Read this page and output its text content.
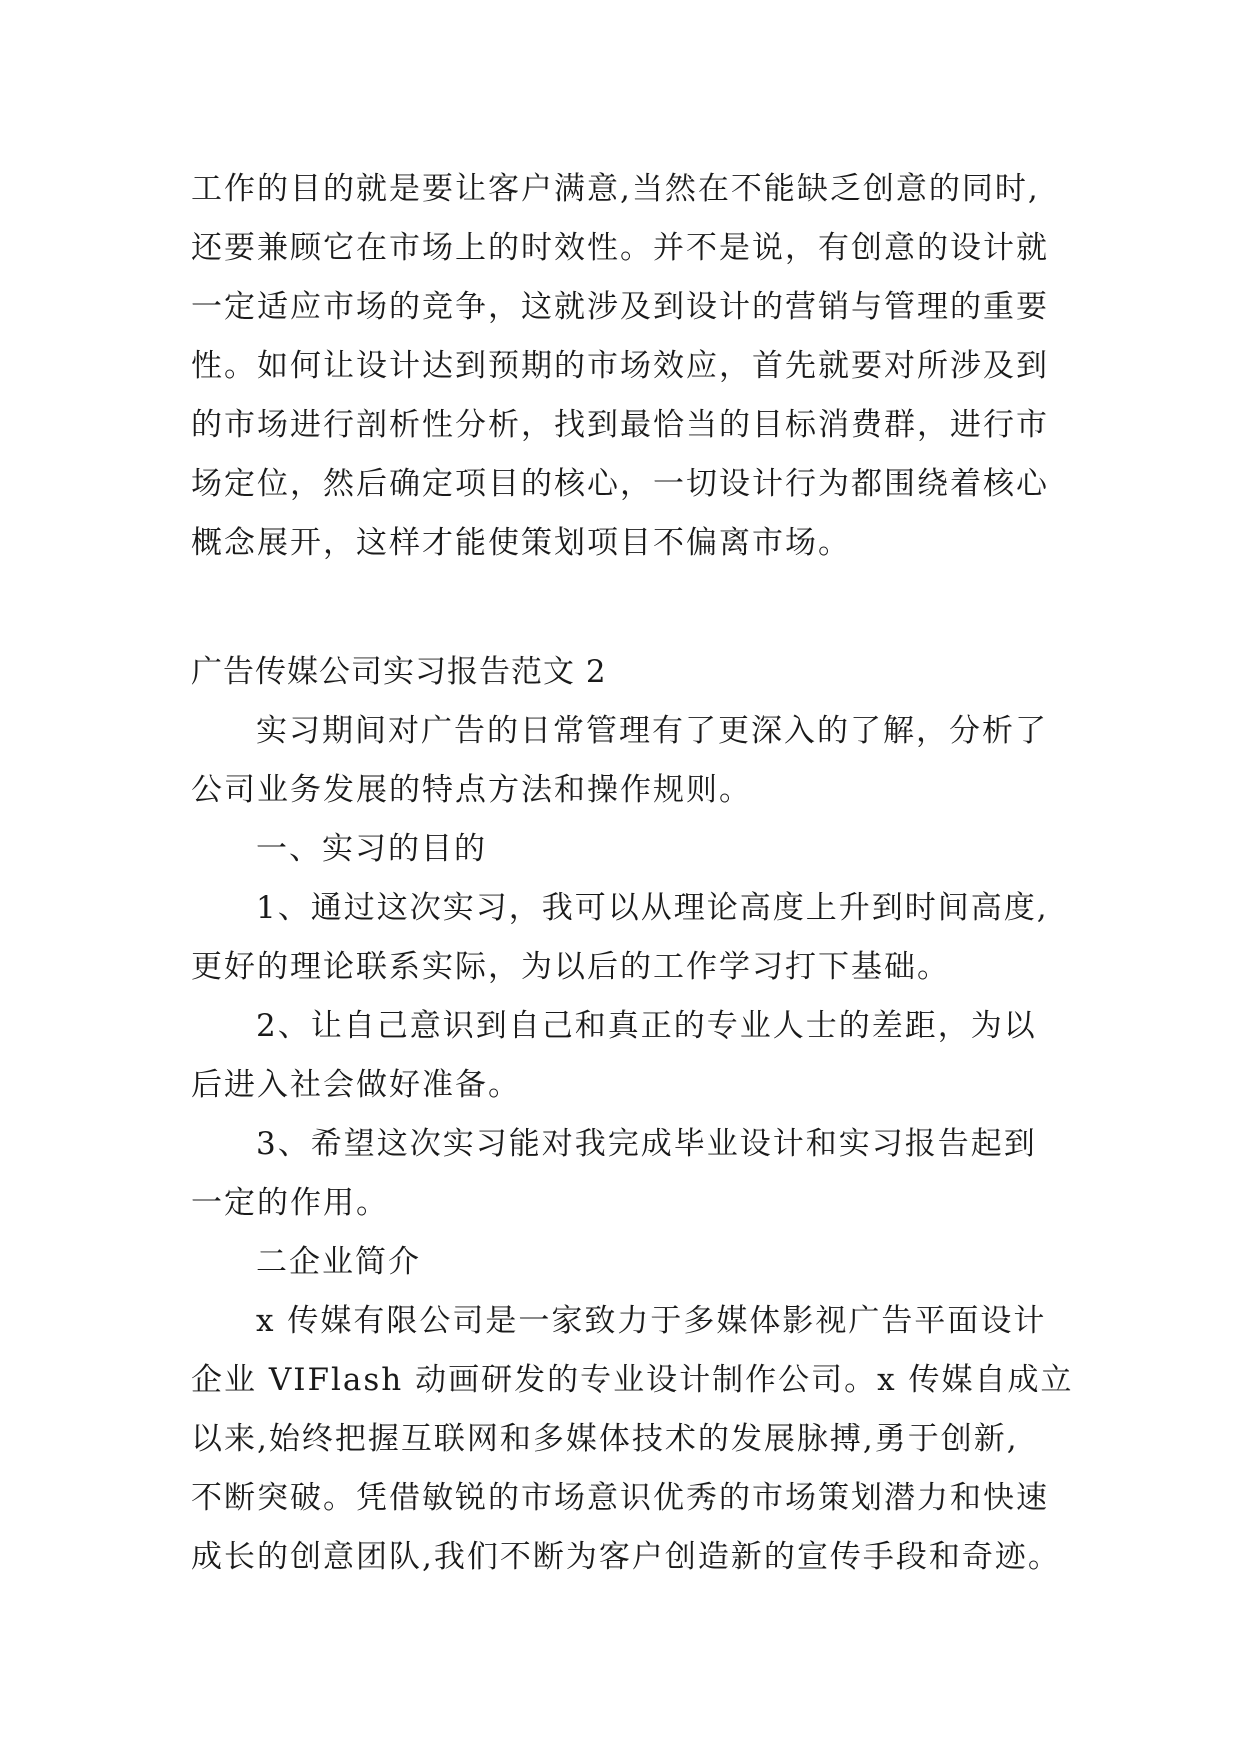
工作的目的就是要让客户满意,当然在不能缺乏创意的同时,
还要兼顾它在市场上的时效性。并不是说，有创意的设计就
一定适应市场的竞争，这就涉及到设计的营销与管理的重要
性。如何让设计达到预期的市场效应，首先就要对所涉及到
的市场进行剖析性分析，找到最恰当的目标消费群，进行市
场定位，然后确定项目的核心，一切设计行为都围绕着核心
概念展开，这样才能使策划项目不偏离市场。
广告传媒公司实习报告范文 2
实习期间对广告的日常管理有了更深入的了解，分析了
公司业务发展的特点方法和操作规则。
一、实习的目的
1、通过这次实习，我可以从理论高度上升到时间高度,
更好的理论联系实际，为以后的工作学习打下基础。
2、让自己意识到自己和真正的专业人士的差距，为以
后进入社会做好准备。
3、希望这次实习能对我完成毕业设计和实习报告起到
一定的作用。
二企业简介
x 传媒有限公司是一家致力于多媒体影视广告平面设计
企业 VIFlash 动画研发的专业设计制作公司。x 传媒自成立
以来,始终把握互联网和多媒体技术的发展脉搏,勇于创新,
不断突破。凭借敏锐的市场意识优秀的市场策划潜力和快速
成长的创意团队,我们不断为客户创造新的宣传手段和奇迹。
